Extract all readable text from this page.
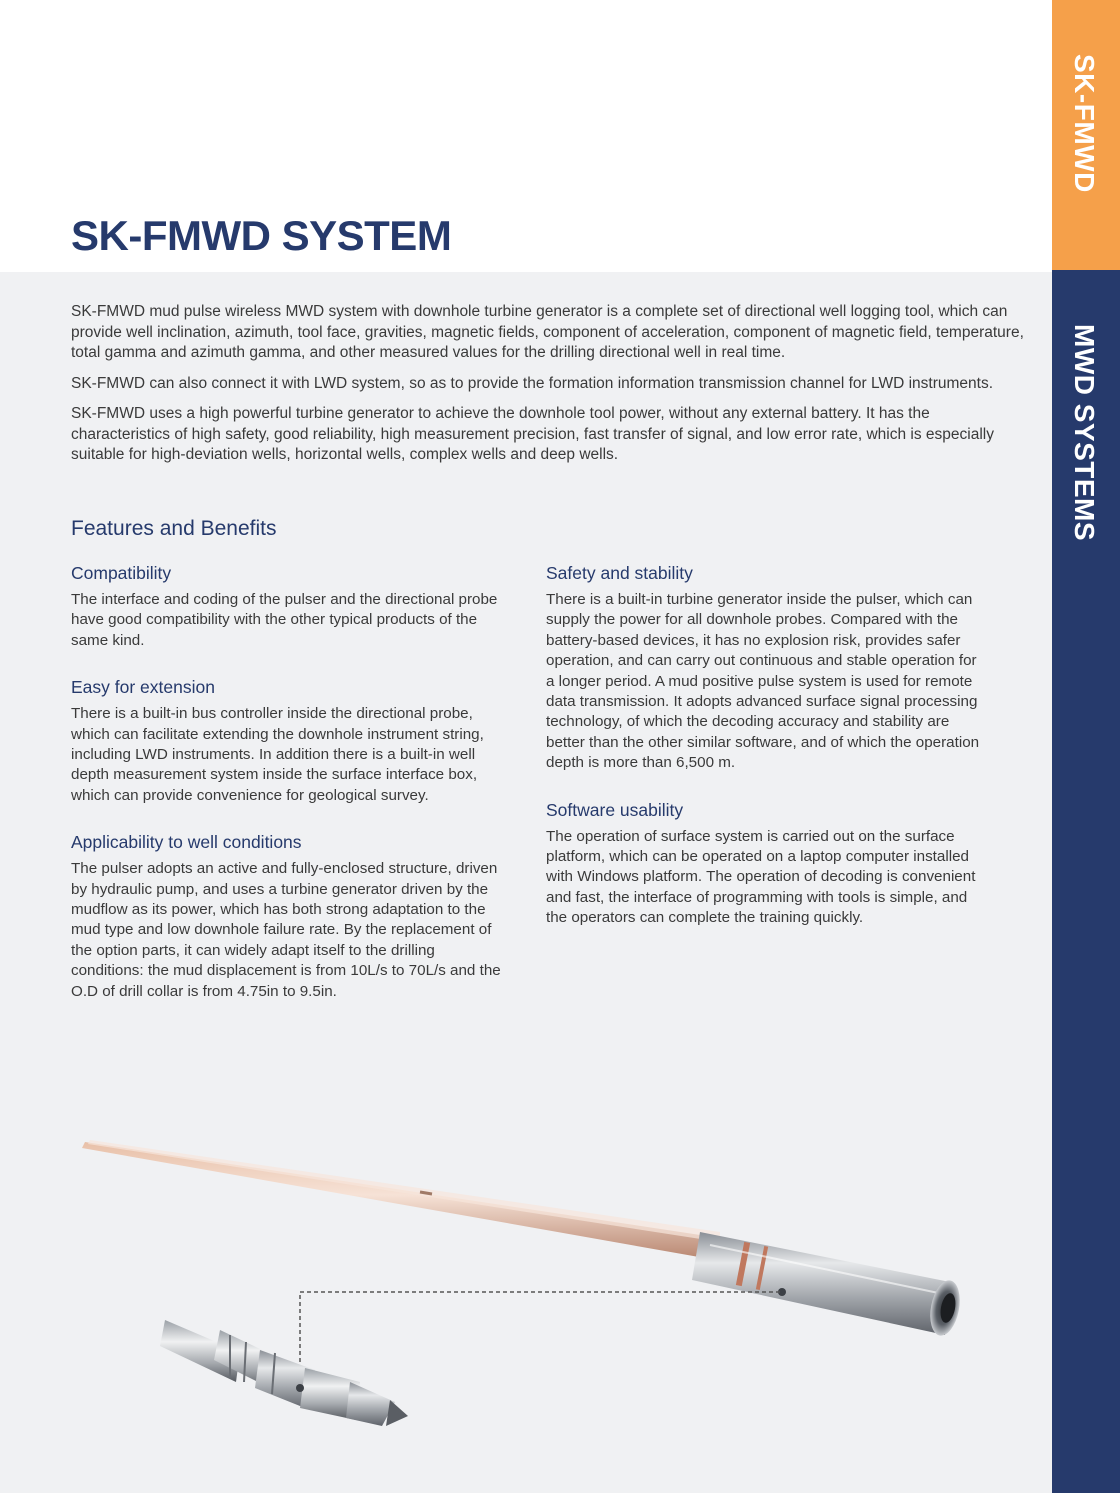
SK-FMWD
MWD SYSTEMS
SK-FMWD SYSTEM

SK-FMWD mud pulse wireless MWD system with downhole turbine generator is a complete set of directional well logging tool, which can provide well inclination, azimuth, tool face, gravities, magnetic fields, component of acceleration, component of magnetic field, temperature, total gamma and azimuth gamma, and other measured values for the drilling directional well in real time.

SK-FMWD can also connect it with LWD system, so as to provide the formation information transmission channel for LWD instruments.

SK-FMWD uses a high powerful turbine generator to achieve the downhole tool power, without any external battery. It has the characteristics of high safety, good reliability, high measurement precision, fast transfer of signal, and low error rate, which is especially suitable for high-deviation wells, horizontal wells, complex wells and deep wells.

Features and Benefits
Compatibility

The interface and coding of the pulser and the directional probe have good compatibility with the other typical products of the same kind.

Easy for extension

There is a built-in bus controller inside the directional probe, which can facilitate extending the downhole instrument string, including LWD instruments. In addition there is a built-in well depth measurement system inside the surface interface box, which can provide convenience for geological survey.

Applicability to well conditions

The pulser adopts an active and fully-enclosed structure, driven by hydraulic pump, and uses a turbine generator driven by the mudflow as its power, which has both strong adaptation to the mud type and low downhole failure rate. By the replacement of the option parts, it can widely adapt itself to the drilling conditions: the mud displacement is from 10L/s to 70L/s and the O.D of drill collar is from 4.75in to 9.5in.

Safety and stability

There is a built-in turbine generator inside the pulser, which can supply the power for all downhole probes. Compared with the battery-based devices, it has no explosion risk, provides safer operation, and can carry out continuous and stable operation for a longer period. A mud positive pulse system is used for remote data transmission. It adopts advanced surface signal processing technology, of which the decoding accuracy and stability are better than the other similar software, and of which the operation depth is more than 6,500 m.

Software usability

The operation of surface system is carried out on the surface platform, which can be operated on a laptop computer installed with Windows platform. The operation of decoding is convenient and fast, the interface of programming with tools is simple, and the operators can complete the training quickly.
